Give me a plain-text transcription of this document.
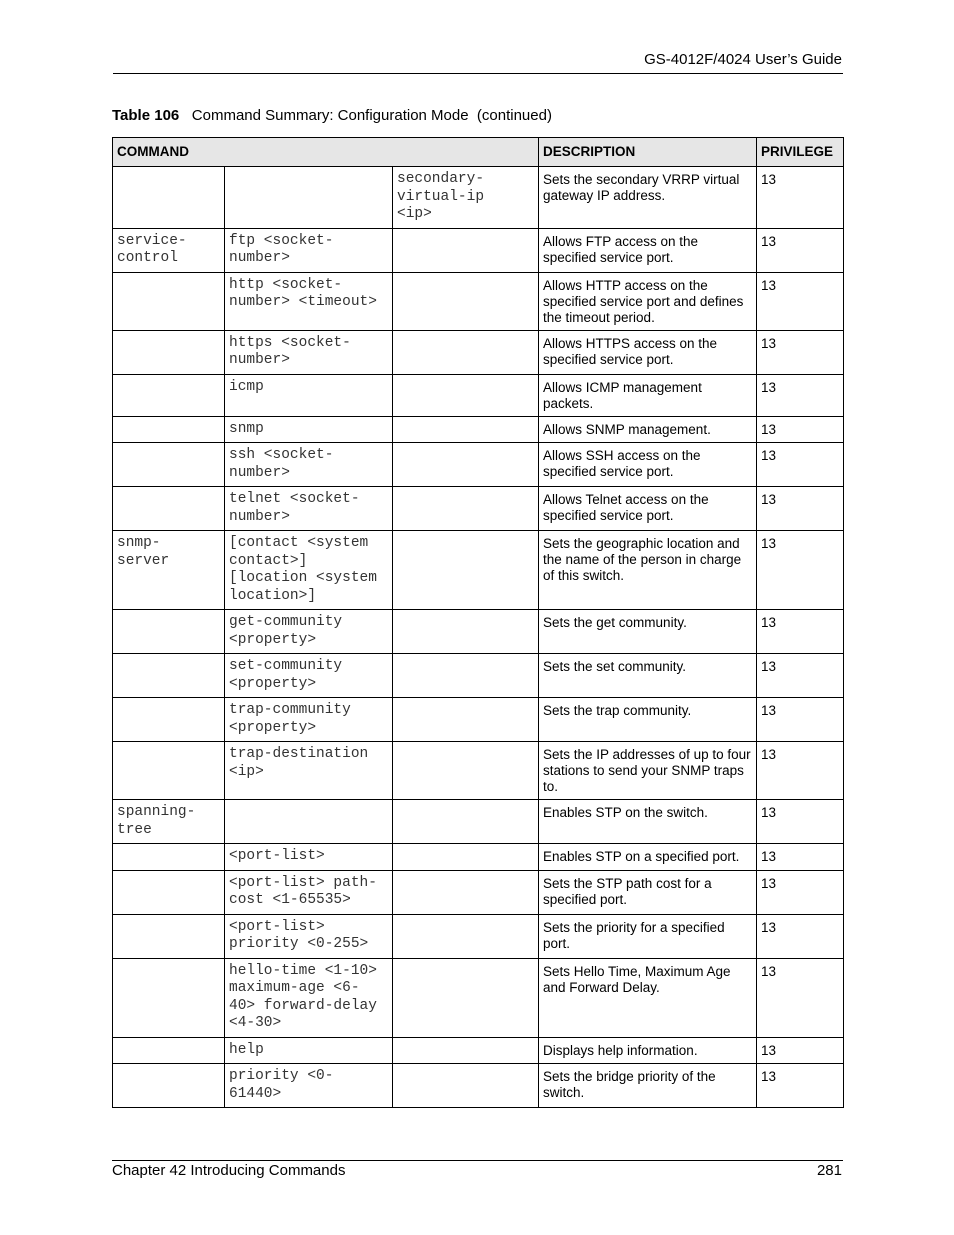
GS-4012F/4024 User’s Guide
Table 106 Command Summary: Configuration Mode  (continued)
COMMAND			DESCRIPTION	PRIVILEGE
		secondary-
virtual-ip
<ip>	Sets the secondary VRRP virtual gateway IP address.	13
service-
control	ftp <socket-
number>		Allows FTP access on the specified service port.	13
	http <socket-
number> <timeout>		Allows HTTP access on the specified service port and defines the timeout period.	13
	https <socket-
number>		Allows HTTPS access on the specified service port.	13
	icmp		Allows ICMP management packets.	13
	snmp		Allows SNMP management.	13
	ssh <socket-
number>		Allows SSH access on the specified service port.	13
	telnet <socket-
number>		Allows Telnet access on the specified service port.	13
snmp-
server	[contact <system
contact>]
[location <system
location>]		Sets the geographic location and the name of the person in charge of this switch.	13
	get-community
<property>		Sets the get community.	13
	set-community
<property>		Sets the set community.	13
	trap-community
<property>		Sets the trap community.	13
	trap-destination
<ip>		Sets the IP addresses of up to four stations to send your SNMP traps to.	13
spanning-
tree			Enables STP on the switch.	13
	<port-list>		Enables STP on a specified port.	13
	<port-list> path-
cost <1-65535>		Sets the STP path cost for a specified port.	13
	<port-list>
priority <0-255>		Sets the priority for a specified port.	13
	hello-time <1-10>
maximum-age <6-
40> forward-delay
<4-30>		Sets Hello Time, Maximum Age and Forward Delay.	13
	help		Displays help information.	13
	priority <0-
61440>		Sets the bridge priority of the switch.	13
Chapter 42 Introducing Commands	281
